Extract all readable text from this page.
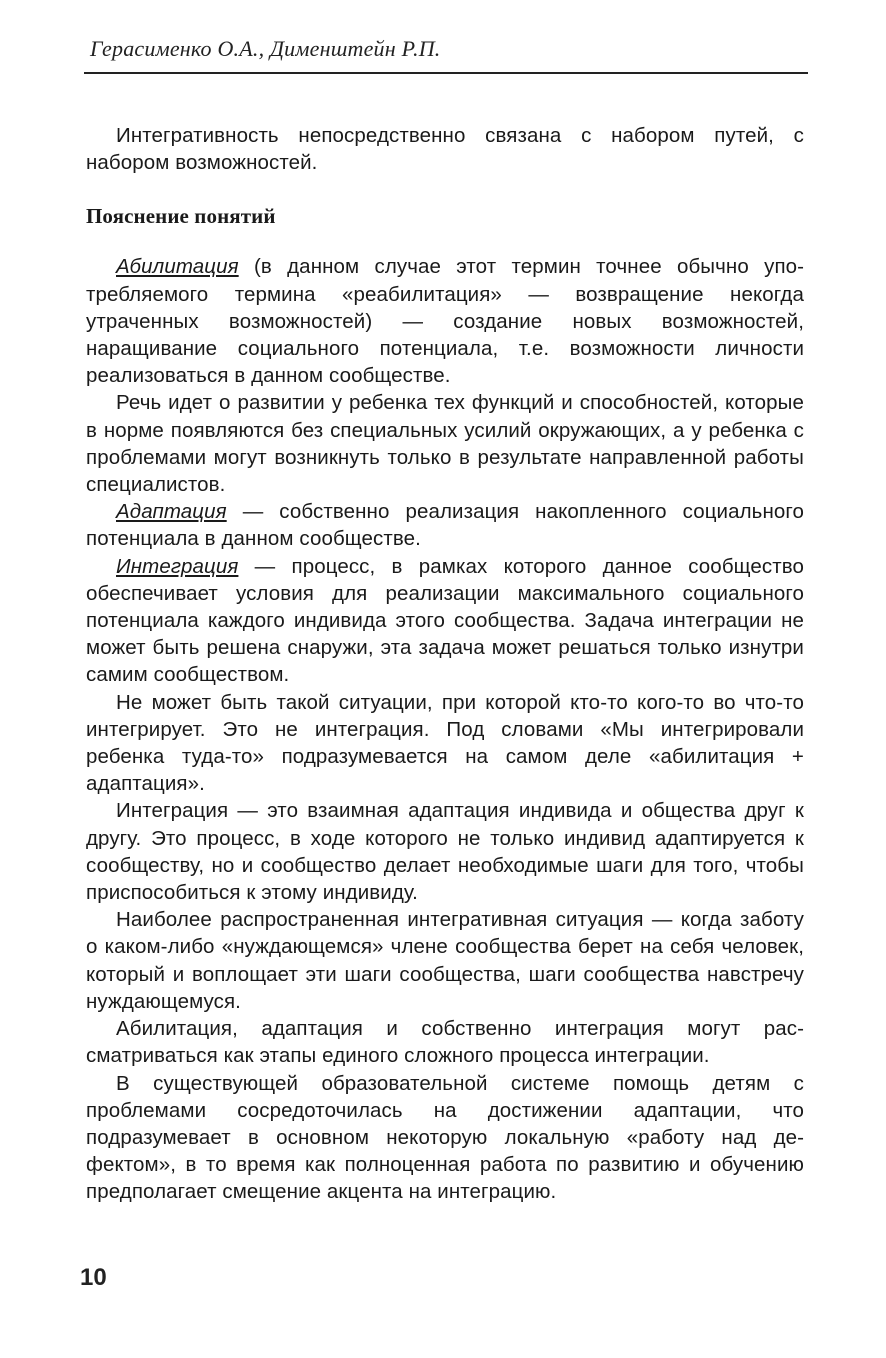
Герасименко О.А., Дименштейн Р.П.

Интегративность непосредственно связана с набором путей, с набором возможностей.

Пояснение понятий

Абилитация (в данном случае этот термин точнее обычно употребляемого термина «реабилитация» — возвращение некогда утраченных возможностей) — создание новых возможностей, наращивание социального потенциала, т.е. возможности личности реализоваться в данном сообществе.

Речь идет о развитии у ребенка тех функций и способностей, которые в норме появляются без специальных усилий окружающих, а у ребенка с проблемами могут возникнуть только в результате направленной работы специалистов.

Адаптация — собственно реализация накопленного социального потенциала в данном сообществе.

Интеграция — процесс, в рамках которого данное сообщество обеспечивает условия для реализации максимального социального потенциала каждого индивида этого сообщества. Задача интеграции не может быть решена снаружи, эта задача может решаться только изнутри самим сообществом.

Не может быть такой ситуации, при которой кто-то кого-то во что-то интегрирует. Это не интеграция. Под словами «Мы интегрировали ребенка туда-то» подразумевается на самом деле «абилитация + адаптация».

Интеграция — это взаимная адаптация индивида и общества друг к другу. Это процесс, в ходе которого не только индивид адаптируется к сообществу, но и сообщество делает необходимые шаги для того, чтобы приспособиться к этому индивиду.

Наиболее распространенная интегративная ситуация — когда заботу о каком-либо «нуждающемся» члене сообщества берет на себя человек, который и воплощает эти шаги сообщества, шаги сообщества навстречу нуждающемуся.

Абилитация, адаптация и собственно интеграция могут рассматриваться как этапы единого сложного процесса интеграции.

В существующей образовательной системе помощь детям с проблемами сосредоточилась на достижении адаптации, что подразумевает в основном некоторую локальную «работу над дефектом», в то время как полноценная работа по развитию и обучению предполагает смещение акцента на интеграцию.

10
